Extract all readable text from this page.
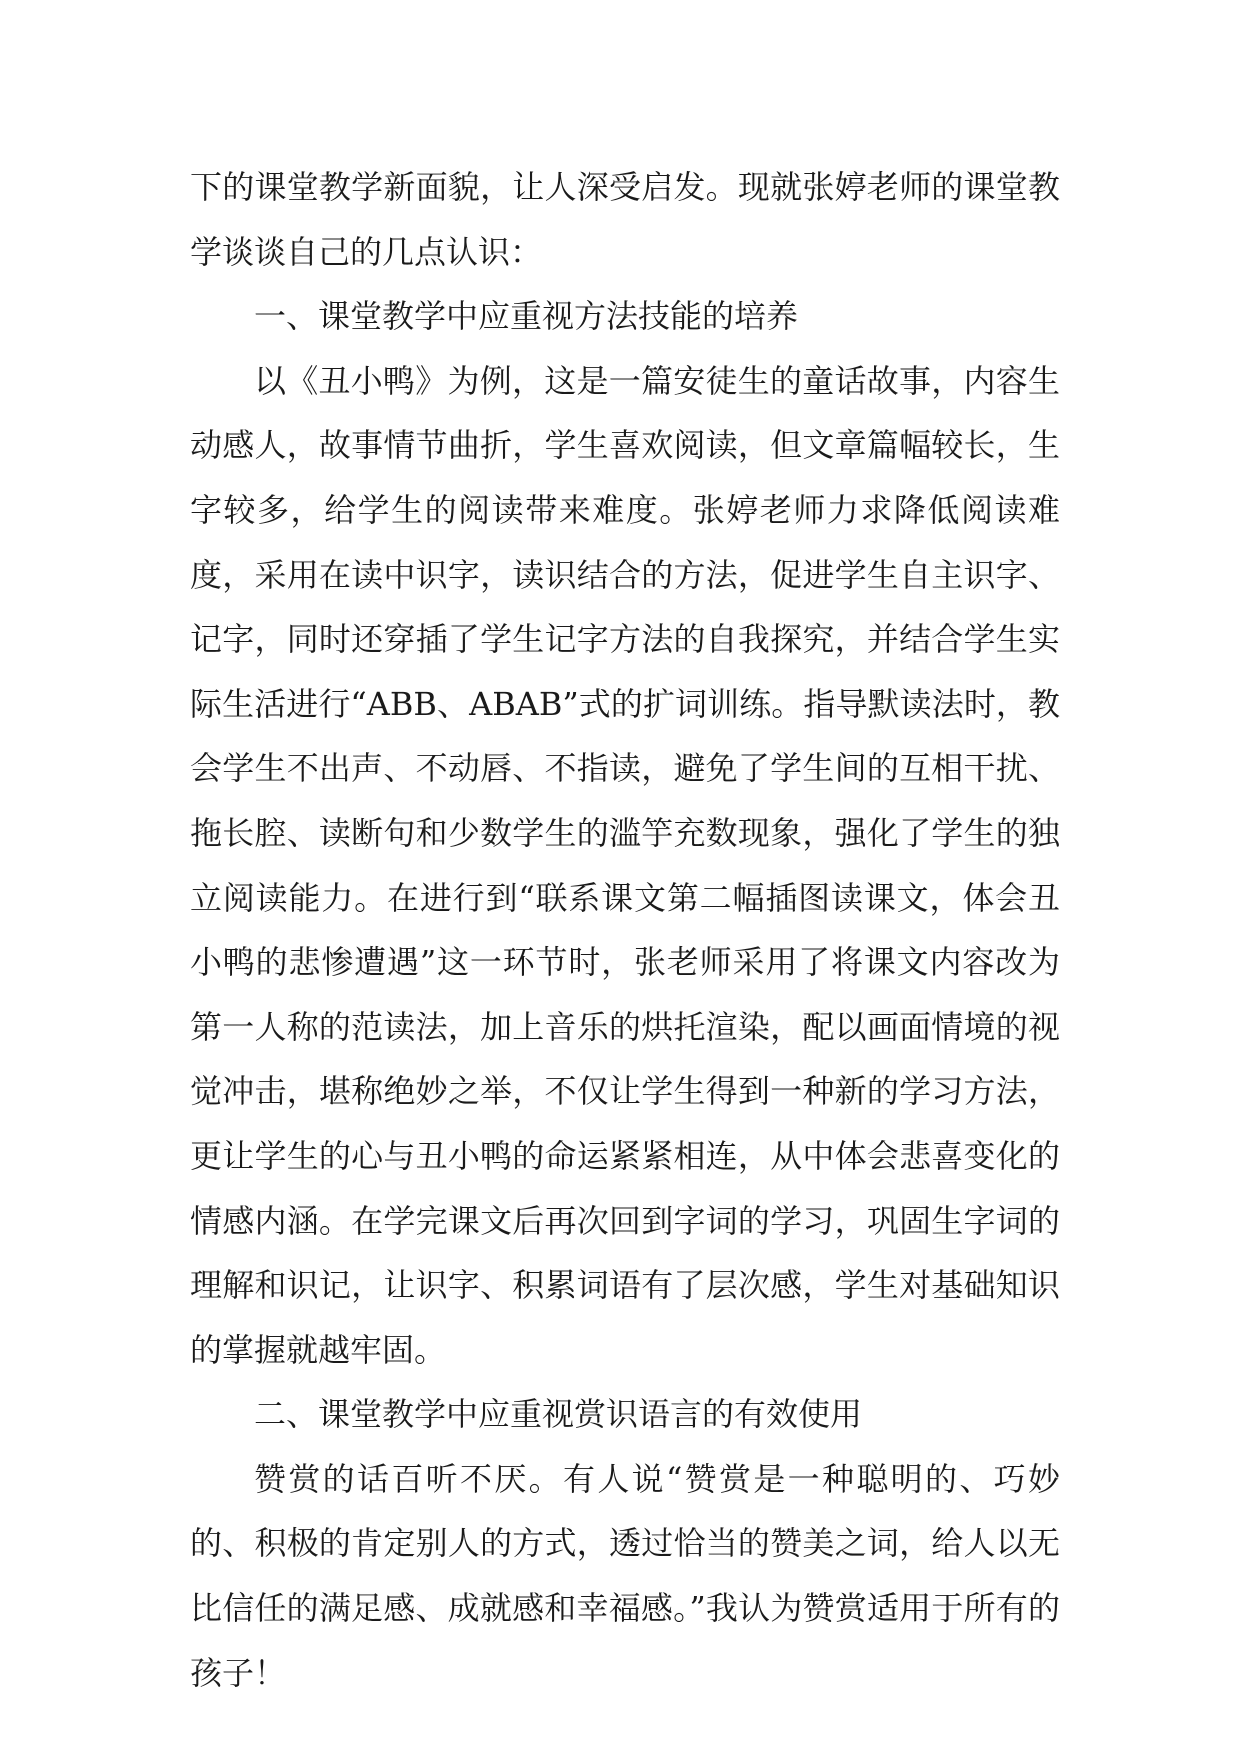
下的课堂教学新面貌，让人深受启发。现就张婷老师的课堂教学谈谈自己的几点认识：

一、课堂教学中应重视方法技能的培养

以《丑小鸭》为例，这是一篇安徒生的童话故事，内容生动感人，故事情节曲折，学生喜欢阅读，但文章篇幅较长，生字较多，给学生的阅读带来难度。张婷老师力求降低阅读难度，采用在读中识字，读识结合的方法，促进学生自主识字、记字，同时还穿插了学生记字方法的自我探究，并结合学生实际生活进行“ABB、ABAB”式的扩词训练。指导默读法时，教会学生不出声、不动唇、不指读，避免了学生间的互相干扰、拖长腔、读断句和少数学生的滥竽充数现象，强化了学生的独立阅读能力。在进行到“联系课文第二幅插图读课文，体会丑小鸭的悲惨遭遇”这一环节时，张老师采用了将课文内容改为第一人称的范读法，加上音乐的烘托渲染，配以画面情境的视觉冲击，堪称绝妙之举，不仅让学生得到一种新的学习方法，更让学生的心与丑小鸭的命运紧紧相连，从中体会悲喜变化的情感内涵。在学完课文后再次回到字词的学习，巩固生字词的理解和识记，让识字、积累词语有了层次感，学生对基础知识的掌握就越牢固。

二、课堂教学中应重视赏识语言的有效使用

赞赏的话百听不厌。有人说“赞赏是一种聪明的、巧妙的、积极的肯定别人的方式，透过恰当的赞美之词，给人以无比信任的满足感、成就感和幸福感。”我认为赞赏适用于所有的孩子！
